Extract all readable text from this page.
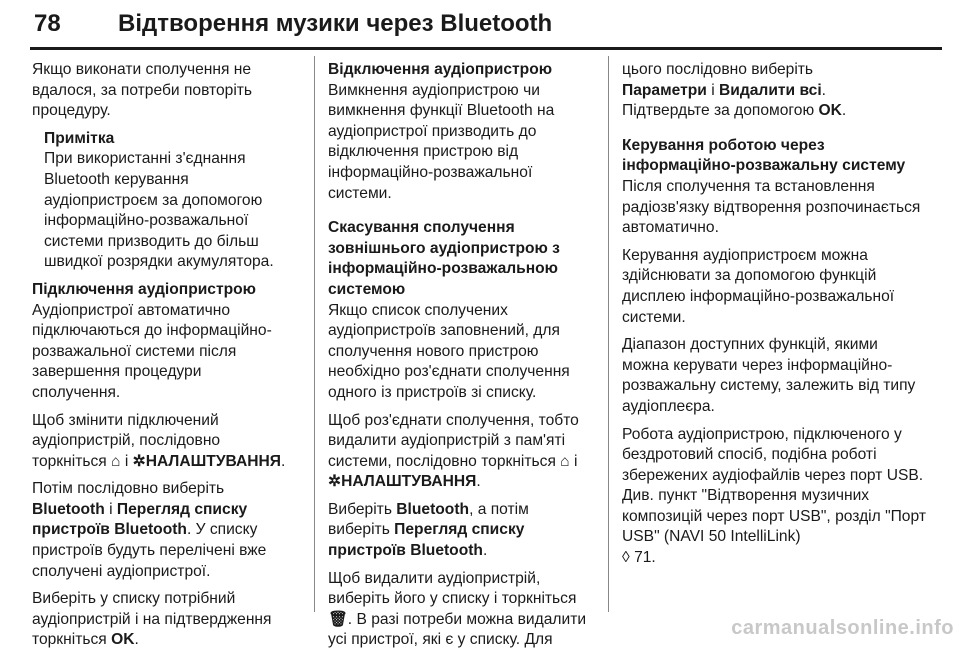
78 Відтворення музики через Bluetooth

Якщо виконати сполучення не вдалося, за потреби повторіть процедуру.

Примітка
При використанні з'єднання Bluetooth керування аудіопристроєм за допомогою інформаційно-розважальної системи призводить до більш швидкої розрядки акумулятора.
Підключення аудіопристрою

Аудіопристрої автоматично підключаються до інформаційно-розважальної системи після завершення процедури сполучення.

Щоб змінити підключений аудіопристрій, послідовно торкніться ⌂ і ✲НАЛАШТУВАННЯ.

Потім послідовно виберіть Bluetooth і Перегляд списку пристроїв Bluetooth. У списку пристроїв будуть перелічені вже сполучені аудіопристрої.

Виберіть у списку потрібний аудіопристрій і на підтвердження торкніться OK.

Відключення аудіопристрою

Вимкнення аудіопристрою чи вимкнення функції Bluetooth на аудіопристрої призводить до відключення пристрою від інформаційно-розважальної системи.

Скасування сполучення зовнішнього аудіопристрою з інформаційно-розважальною системою

Якщо список сполучених аудіопристроїв заповнений, для сполучення нового пристрою необхідно роз'єднати сполучення одного із пристроїв зі списку.

Щоб роз'єднати сполучення, тобто видалити аудіопристрій з пам'яті системи, послідовно торкніться ⌂ і ✲НАЛАШТУВАННЯ.

Виберіть Bluetooth, а потім виберіть Перегляд списку пристроїв Bluetooth.

Щоб видалити аудіопристрій, виберіть його у списку і торкніться 🗑. В разі потреби можна видалити усі пристрої, які є у списку. Для

цього послідовно виберіть
Параметри і Видалити всі.
Підтвердьте за допомогою OK.

Керування роботою через інформаційно-розважальну систему

Після сполучення та встановлення радіозв'язку відтворення розпочинається автоматично.

Керування аудіопристроєм можна здійснювати за допомогою функцій дисплею інформаційно-розважальної системи.

Діапазон доступних функцій, якими можна керувати через інформаційно-розважальну систему, залежить від типу аудіоплеєра.

Робота аудіопристрою, підключеного у бездротовий спосіб, подібна роботі збережених аудіофайлів через порт USB. Див. пункт "Відтворення музичних композицій через порт USB", розділ "Порт USB" (NAVI 50 IntelliLink)
◊ 71.

carmanualsonline.info
